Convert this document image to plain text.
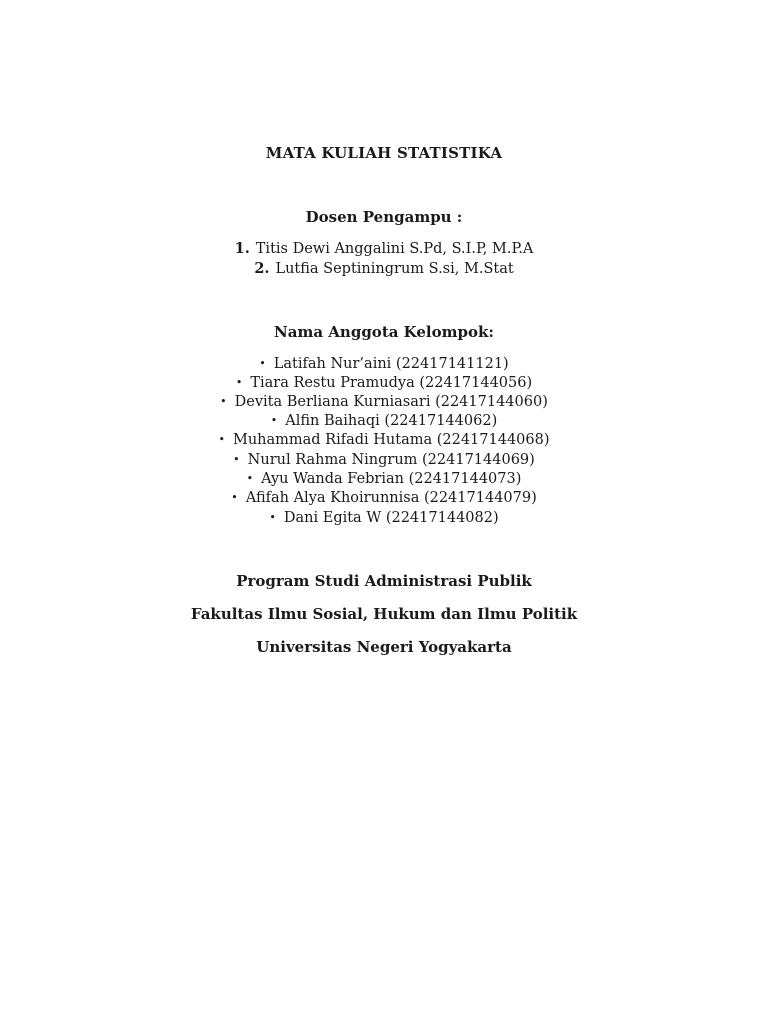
MATA KULIAH STATISTIKA
Dosen Pengampu :
1. Titis Dewi Anggalini S.Pd, S.I.P, M.P.A
2. Lutfia Septiningrum S.si, M.Stat
Nama Anggota Kelompok:
• Latifah Nur’aini (22417141121)
• Tiara Restu Pramudya (22417144056)
• Devita Berliana Kurniasari (22417144060)
• Alfin Baihaqi (22417144062)
• Muhammad Rifadi Hutama (22417144068)
• Nurul Rahma Ningrum (22417144069)
• Ayu Wanda Febrian (22417144073)
• Afifah Alya Khoirunnisa (22417144079)
• Dani Egita W (22417144082)
Program Studi Administrasi Publik
Fakultas Ilmu Sosial, Hukum dan Ilmu Politik
Universitas Negeri Yogyakarta
